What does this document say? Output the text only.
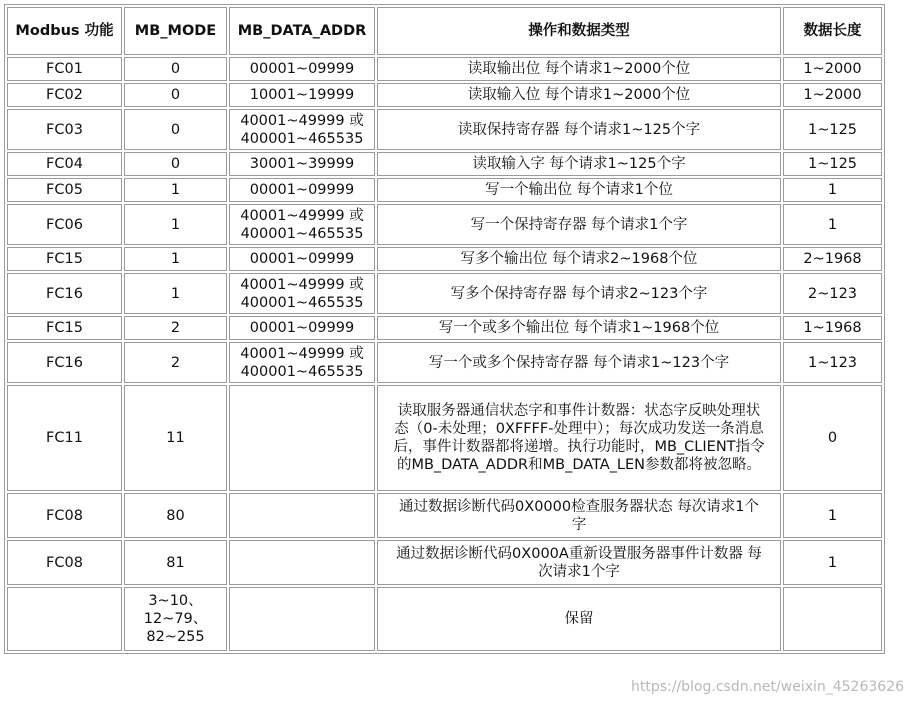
Modbus 功能	MB_MODE	MB_DATA_ADDR	操作和数据类型	数据长度
FC01	0	00001~09999	读取输出位 每个请求1~2000个位	1~2000
FC02	0	10001~19999	读取输入位 每个请求1~2000个位	1~2000
FC03	0	40001~49999 或 400001~465535	读取保持寄存器 每个请求1~125个字	1~125
FC04	0	30001~39999	读取输入字 每个请求1~125个字	1~125
FC05	1	00001~09999	写一个输出位 每个请求1个位	1
FC06	1	40001~49999 或 400001~465535	写一个保持寄存器 每个请求1个字	1
FC15	1	00001~09999	写多个输出位 每个请求2~1968个位	2~1968
FC16	1	40001~49999 或 400001~465535	写多个保持寄存器 每个请求2~123个字	2~123
FC15	2	00001~09999	写一个或多个输出位 每个请求1~1968个位	1~1968
FC16	2	40001~49999 或 400001~465535	写一个或多个保持寄存器 每个请求1~123个字	1~123
FC11	11		读取服务器通信状态字和事件计数器：状态字反映处理状态（0-未处理；0XFFFF-处理中）；每次成功发送一条消息后，事件计数器都将递增。执行功能时，MB_CLIENT指令的MB_DATA_ADDR和MB_DATA_LEN参数都将被忽略。	0
FC08	80		通过数据诊断代码0X0000检查服务器状态 每次请求1个字	1
FC08	81		通过数据诊断代码0X000A重新设置服务器事件计数器 每次请求1个字	1
	3~10、12~79、82~255		保留	
https://blog.csdn.net/weixin_45263626
